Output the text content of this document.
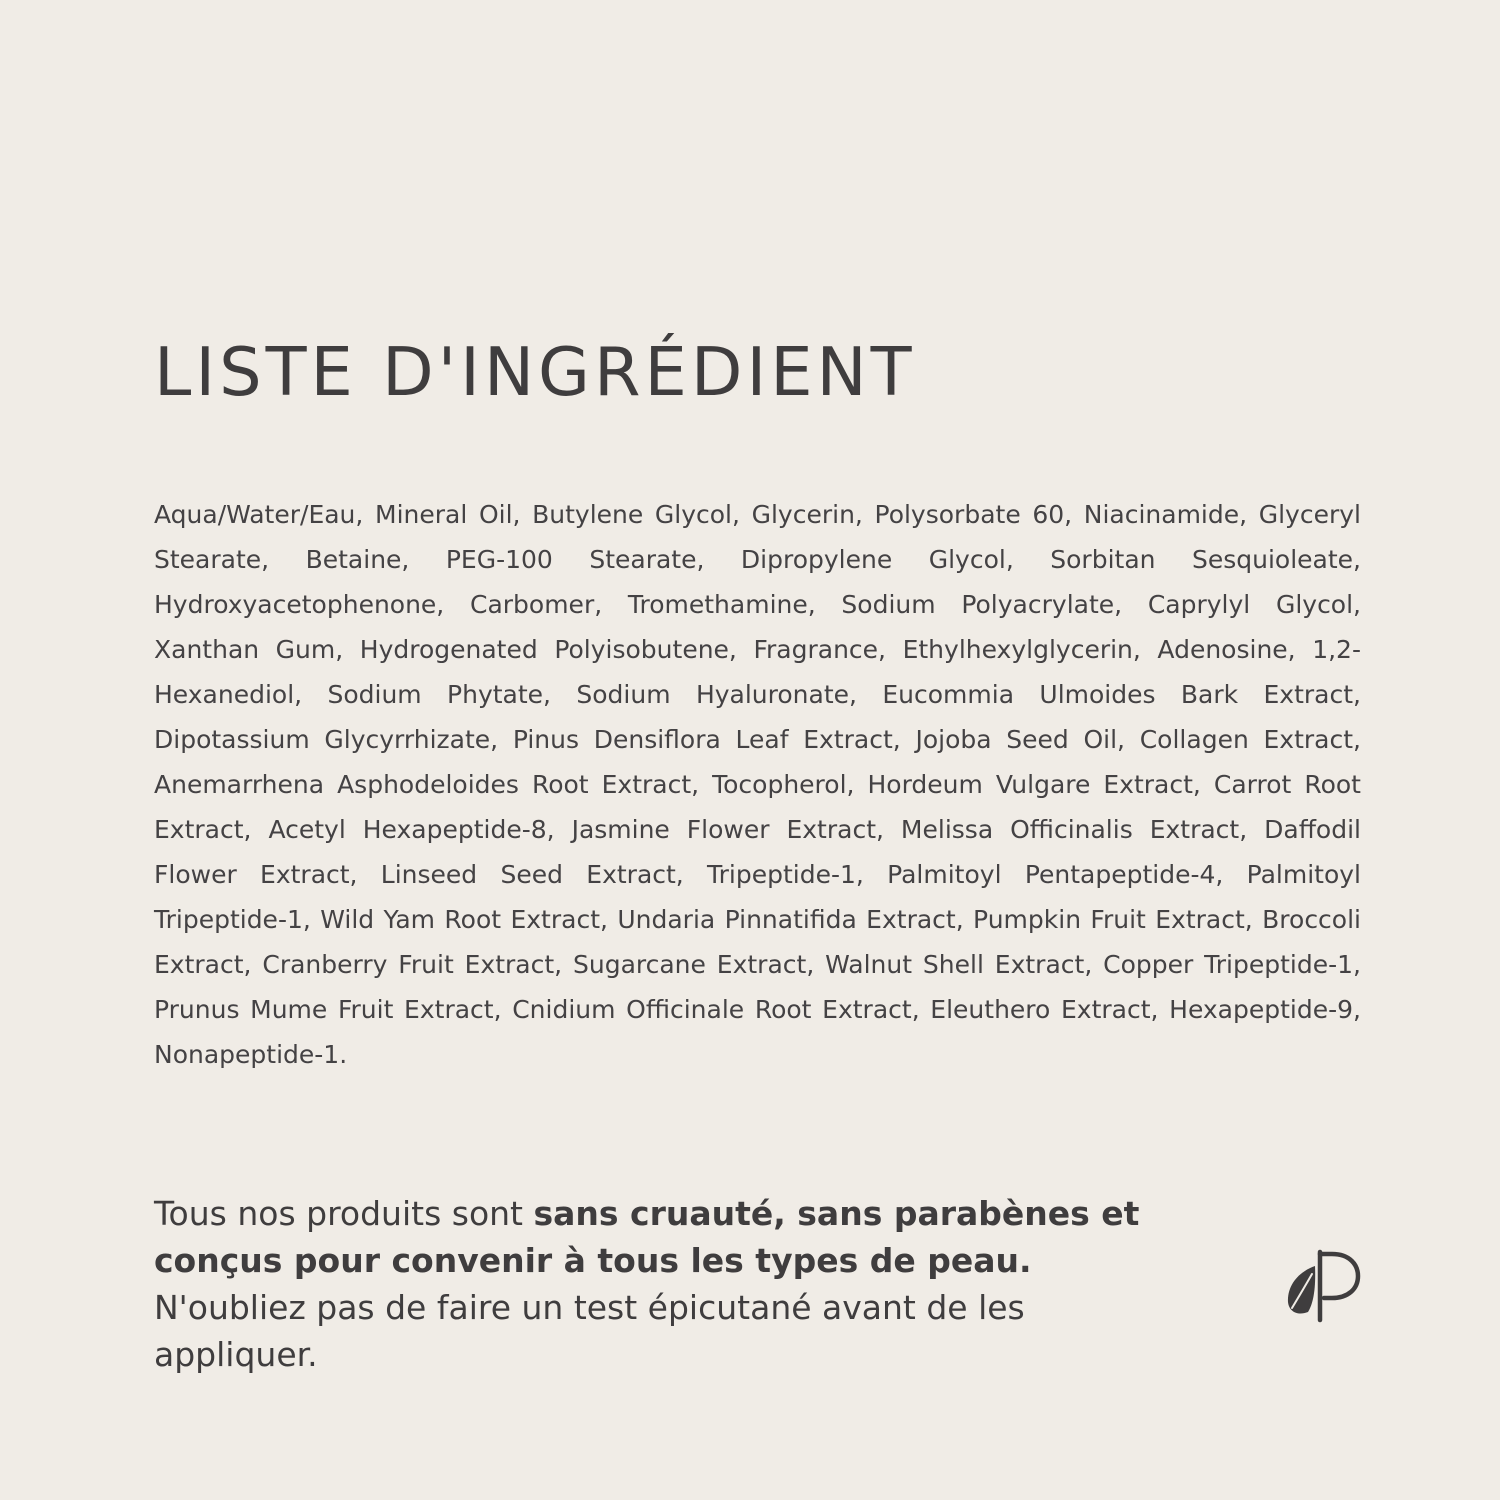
LISTE D'INGRÉDIENT

Aqua/Water/Eau, Mineral Oil, Butylene Glycol, Glycerin, Polysorbate 60, Niacinamide, Glyceryl Stearate, Betaine, PEG-100 Stearate, Dipropylene Glycol, Sorbitan Sesquioleate, Hydroxyacetophenone, Carbomer, Tromethamine, Sodium Polyacrylate, Caprylyl Glycol, Xanthan Gum, Hydrogenated Polyisobutene, Fragrance, Ethylhexylglycerin, Adenosine, 1,2-Hexanediol, Sodium Phytate, Sodium Hyaluronate, Eucommia Ulmoides Bark Extract, Dipotassium Glycyrrhizate, Pinus Densiflora Leaf Extract, Jojoba Seed Oil, Collagen Extract, Anemarrhena Asphodeloides Root Extract, Tocopherol, Hordeum Vulgare Extract, Carrot Root Extract, Acetyl Hexapeptide-8, Jasmine Flower Extract, Melissa Officinalis Extract, Daffodil Flower Extract, Linseed Seed Extract, Tripeptide-1, Palmitoyl Pentapeptide-4, Palmitoyl Tripeptide-1, Wild Yam Root Extract, Undaria Pinnatifida Extract, Pumpkin Fruit Extract, Broccoli Extract, Cranberry Fruit Extract, Sugarcane Extract, Walnut Shell Extract, Copper Tripeptide-1, Prunus Mume Fruit Extract, Cnidium Officinale Root Extract, Eleuthero Extract, Hexapeptide-9, Nonapeptide-1.

Tous nos produits sont sans cruauté, sans parabènes et conçus pour convenir à tous les types de peau. N'oubliez pas de faire un test épicutané avant de les appliquer.
